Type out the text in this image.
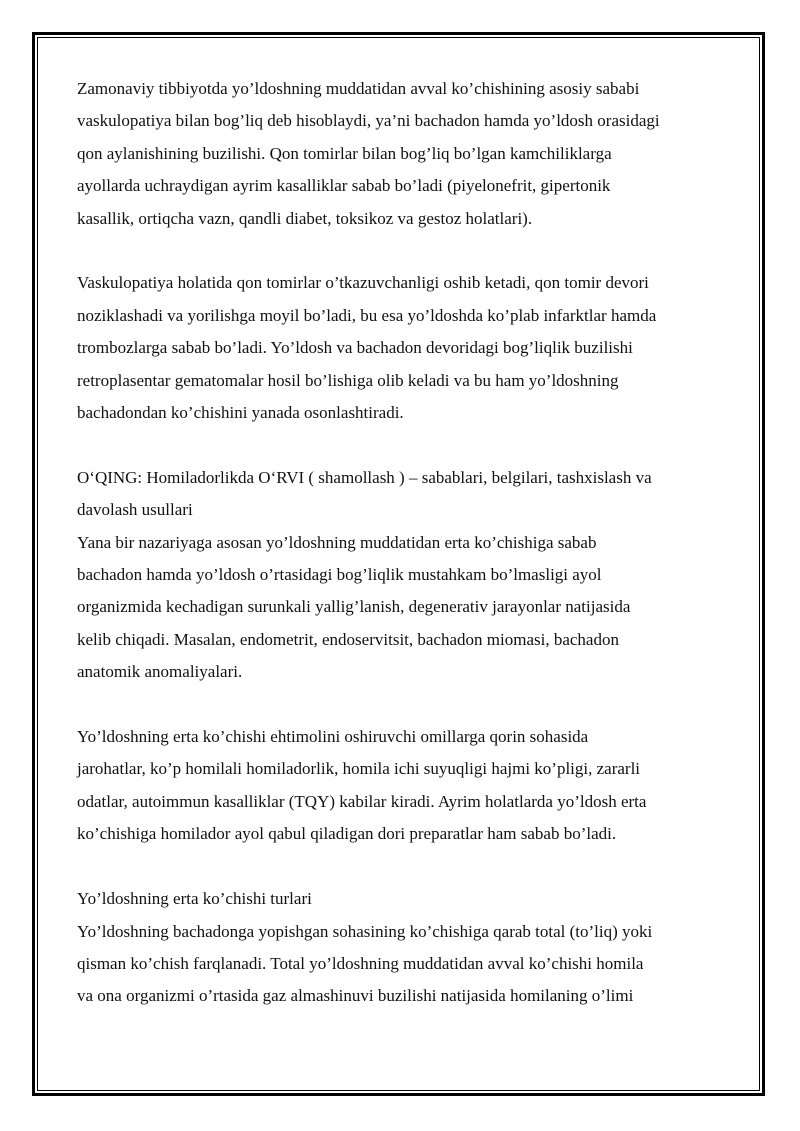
Zamonaviy tibbiyotda yo’ldoshning muddatidan avval ko’chishining asosiy sababi
vaskulopatiya bilan bog’liq deb hisoblaydi, ya’ni bachadon hamda yo’ldosh orasidagi
qon aylanishining buzilishi. Qon tomirlar bilan bog’liq bo’lgan kamchiliklarga
ayollarda uchraydigan ayrim kasalliklar sabab bo’ladi (piyelonefrit, gipertonik
kasallik, ortiqcha vazn, qandli diabet, toksikoz va gestoz holatlari).
Vaskulopatiya holatida qon tomirlar o’tkazuvchanligi oshib ketadi, qon tomir devori
noziklashadi va yorilishga moyil bo’ladi, bu esa yo’ldoshda ko’plab infarktlar hamda
trombozlarga sabab bo’ladi. Yo’ldosh va bachadon devoridagi bog’liqlik buzilishi
retroplasentar gematomalar hosil bo’lishiga olib keladi va bu ham yo’ldoshning
bachadondan ko’chishini yanada osonlashtiradi.
O‘QING: Homiladorlikda O‘RVI ( shamollash ) – sabablari, belgilari, tashxislash va
davolash usullari
Yana bir nazariyaga asosan yo’ldoshning muddatidan erta ko’chishiga sabab
bachadon hamda yo’ldosh o’rtasidagi bog’liqlik mustahkam bo’lmasligi ayol
organizmida kechadigan surunkali yallig’lanish, degenerativ jarayonlar natijasida
kelib chiqadi. Masalan, endometrit, endoservitsit, bachadon miomasi, bachadon
anatomik anomaliyalari.
Yo’ldoshning erta ko’chishi ehtimolini oshiruvchi omillarga qorin sohasida
jarohatlar, ko’p homilali homiladorlik, homila ichi suyuqligi hajmi ko’pligi, zararli
odatlar, autoimmun kasalliklar (TQY) kabilar kiradi. Ayrim holatlarda yo’ldosh erta
ko’chishiga homilador ayol qabul qiladigan dori preparatlar ham sabab bo’ladi.
Yo’ldoshning erta ko’chishi turlari
Yo’ldoshning bachadonga yopishgan sohasining ko’chishiga qarab total (to’liq) yoki
qisman ko’chish farqlanadi. Total yo’ldoshning muddatidan avval ko’chishi homila
va ona organizmi o’rtasida gaz almashinuvi buzilishi natijasida homilaning o’limi
